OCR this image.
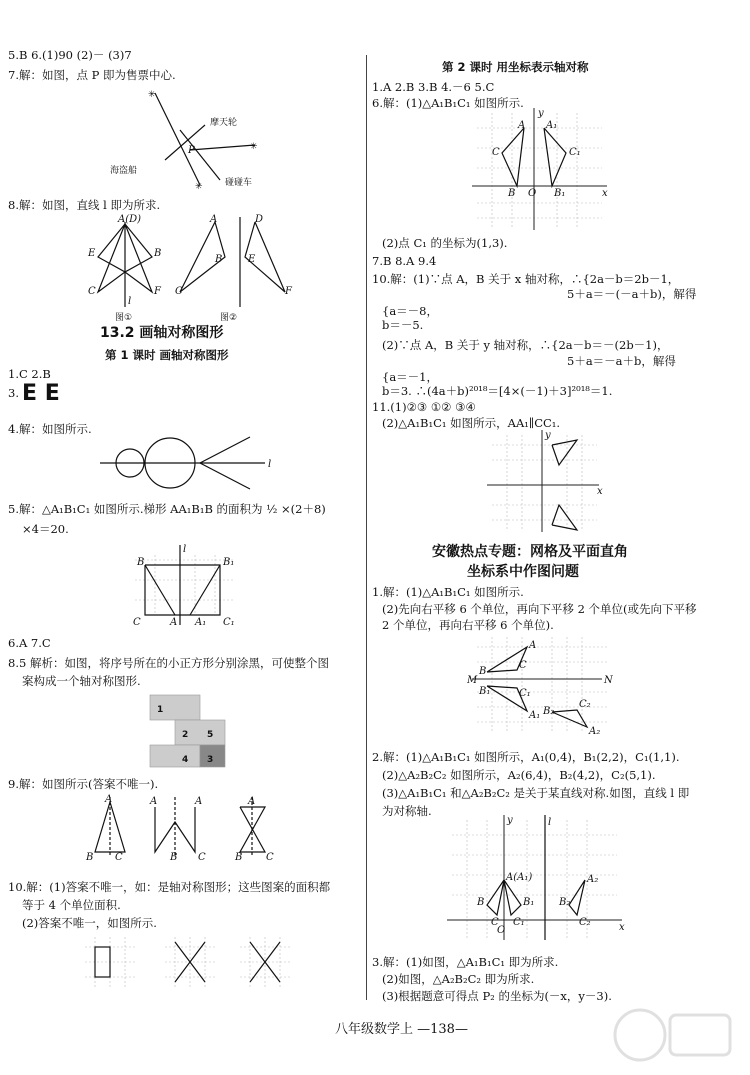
5.B 6.(1)90 (2)－ (3)7
7.解：如图，点 P 即为售票中心.
✳
✳
✳
摩天轮
海盗船
碰碰车
P
8.解：如图，直线 l 即为所求.
A(D)
E	B
C	F
l
A	D
B	E
C	F
图①	图②
13.2 画轴对称图形
第 1 课时 画轴对称图形
1.C 2.B
3. E E
4.解：如图所示.
l
5.解：△A₁B₁C₁ 如图所示.梯形 AA₁B₁B 的面积为 ½ ×(2＋8)
×4＝20.
l
B	B₁
C	A A₁ C₁
6.A 7.C
8.5 解析：如图，将序号所在的小正方形分别涂黑，可使整个图
案构成一个轴对称图形.
1
2 5
4 3
9.解：如图所示(答案不唯一).
A
B C
A	A
B C
A
B C
10.解：(1)答案不唯一，如：是轴对称图形；这些图案的面积都
等于 4 个单位面积.
(2)答案不唯一，如图所示.
第 2 课时 用坐标表示轴对称
1.A 2.B 3.B 4.－6 5.C
6.解：(1)△A₁B₁C₁ 如图所示.
y
x
C	C₁
A A₁
B	B₁
O
(2)点 C₁ 的坐标为(1,3).
7.B 8.A 9.4
10.解：(1)∵点 A，B 关于 x 轴对称，∴{2a－b＝2b－1，
5＋a＝－(－a＋b)，解得
{a＝－8，
b＝－5.
(2)∵点 A，B 关于 y 轴对称，∴{2a－b＝－(2b－1)，
5＋a＝－a＋b，解得
{a＝－1，
b＝3. ∴(4a＋b)²⁰¹⁸＝[4×(－1)＋3]²⁰¹⁸＝1.
11.(1)②③ ①② ③④
(2)△A₁B₁C₁ 如图所示，AA₁∥CC₁.
y
x
安徽热点专题：网格及平面直角
坐标系中作图问题
1.解：(1)△A₁B₁C₁ 如图所示.
(2)先向右平移 6 个单位，再向下平移 2 个单位(或先向下平移
2 个单位，再向右平移 6 个单位).
M	N
A
B
C
A₁
B₁	C₁
A₂
B₂
C₂
2.解：(1)△A₁B₁C₁ 如图所示，A₁(0,4)，B₁(2,2)，C₁(1,1).
(2)△A₂B₂C₂ 如图所示，A₂(6,4)，B₂(4,2)，C₂(5,1).
(3)△A₁B₁C₁ 和△A₂B₂C₂ 是关于某直线对称.如图，直线 l 即
为对称轴.
y
x
l
A(A₁)	A₂
B
C
B₁
C₁
B₂
C₂
O
3.解：(1)如图，△A₁B₁C₁ 即为所求.
(2)如图，△A₂B₂C₂ 即为所求.
(3)根据题意可得点 P₂ 的坐标为(－x，y－3).
八年级数学上 —138—
